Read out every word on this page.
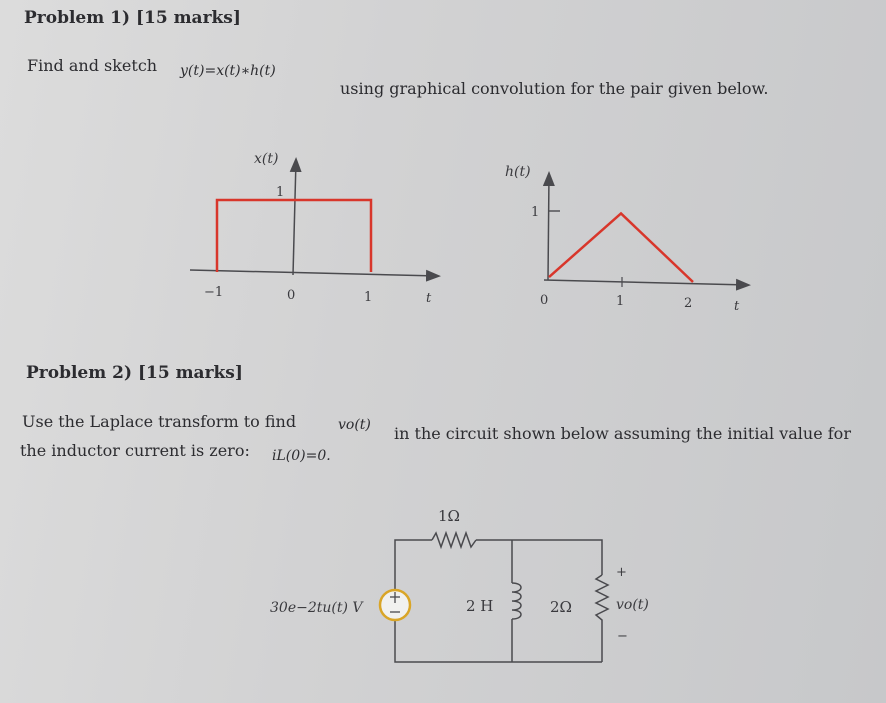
Problem 1) [15 marks]
Find and sketch y(t)=x(t)∗h(t)
using graphical convolution for the pair given below.
x(t)
1
−1	0	1	t
h(t)
1
0	1	2	t
1Ω
30e−2tu(t) V	2 H	2Ω	vo(t)
+
−
Problem 2) [15 marks]
Use the Laplace transform to find	vo(t) in the circuit shown below assuming the initial value for
the inductor current is zero: iL(0)=0.
